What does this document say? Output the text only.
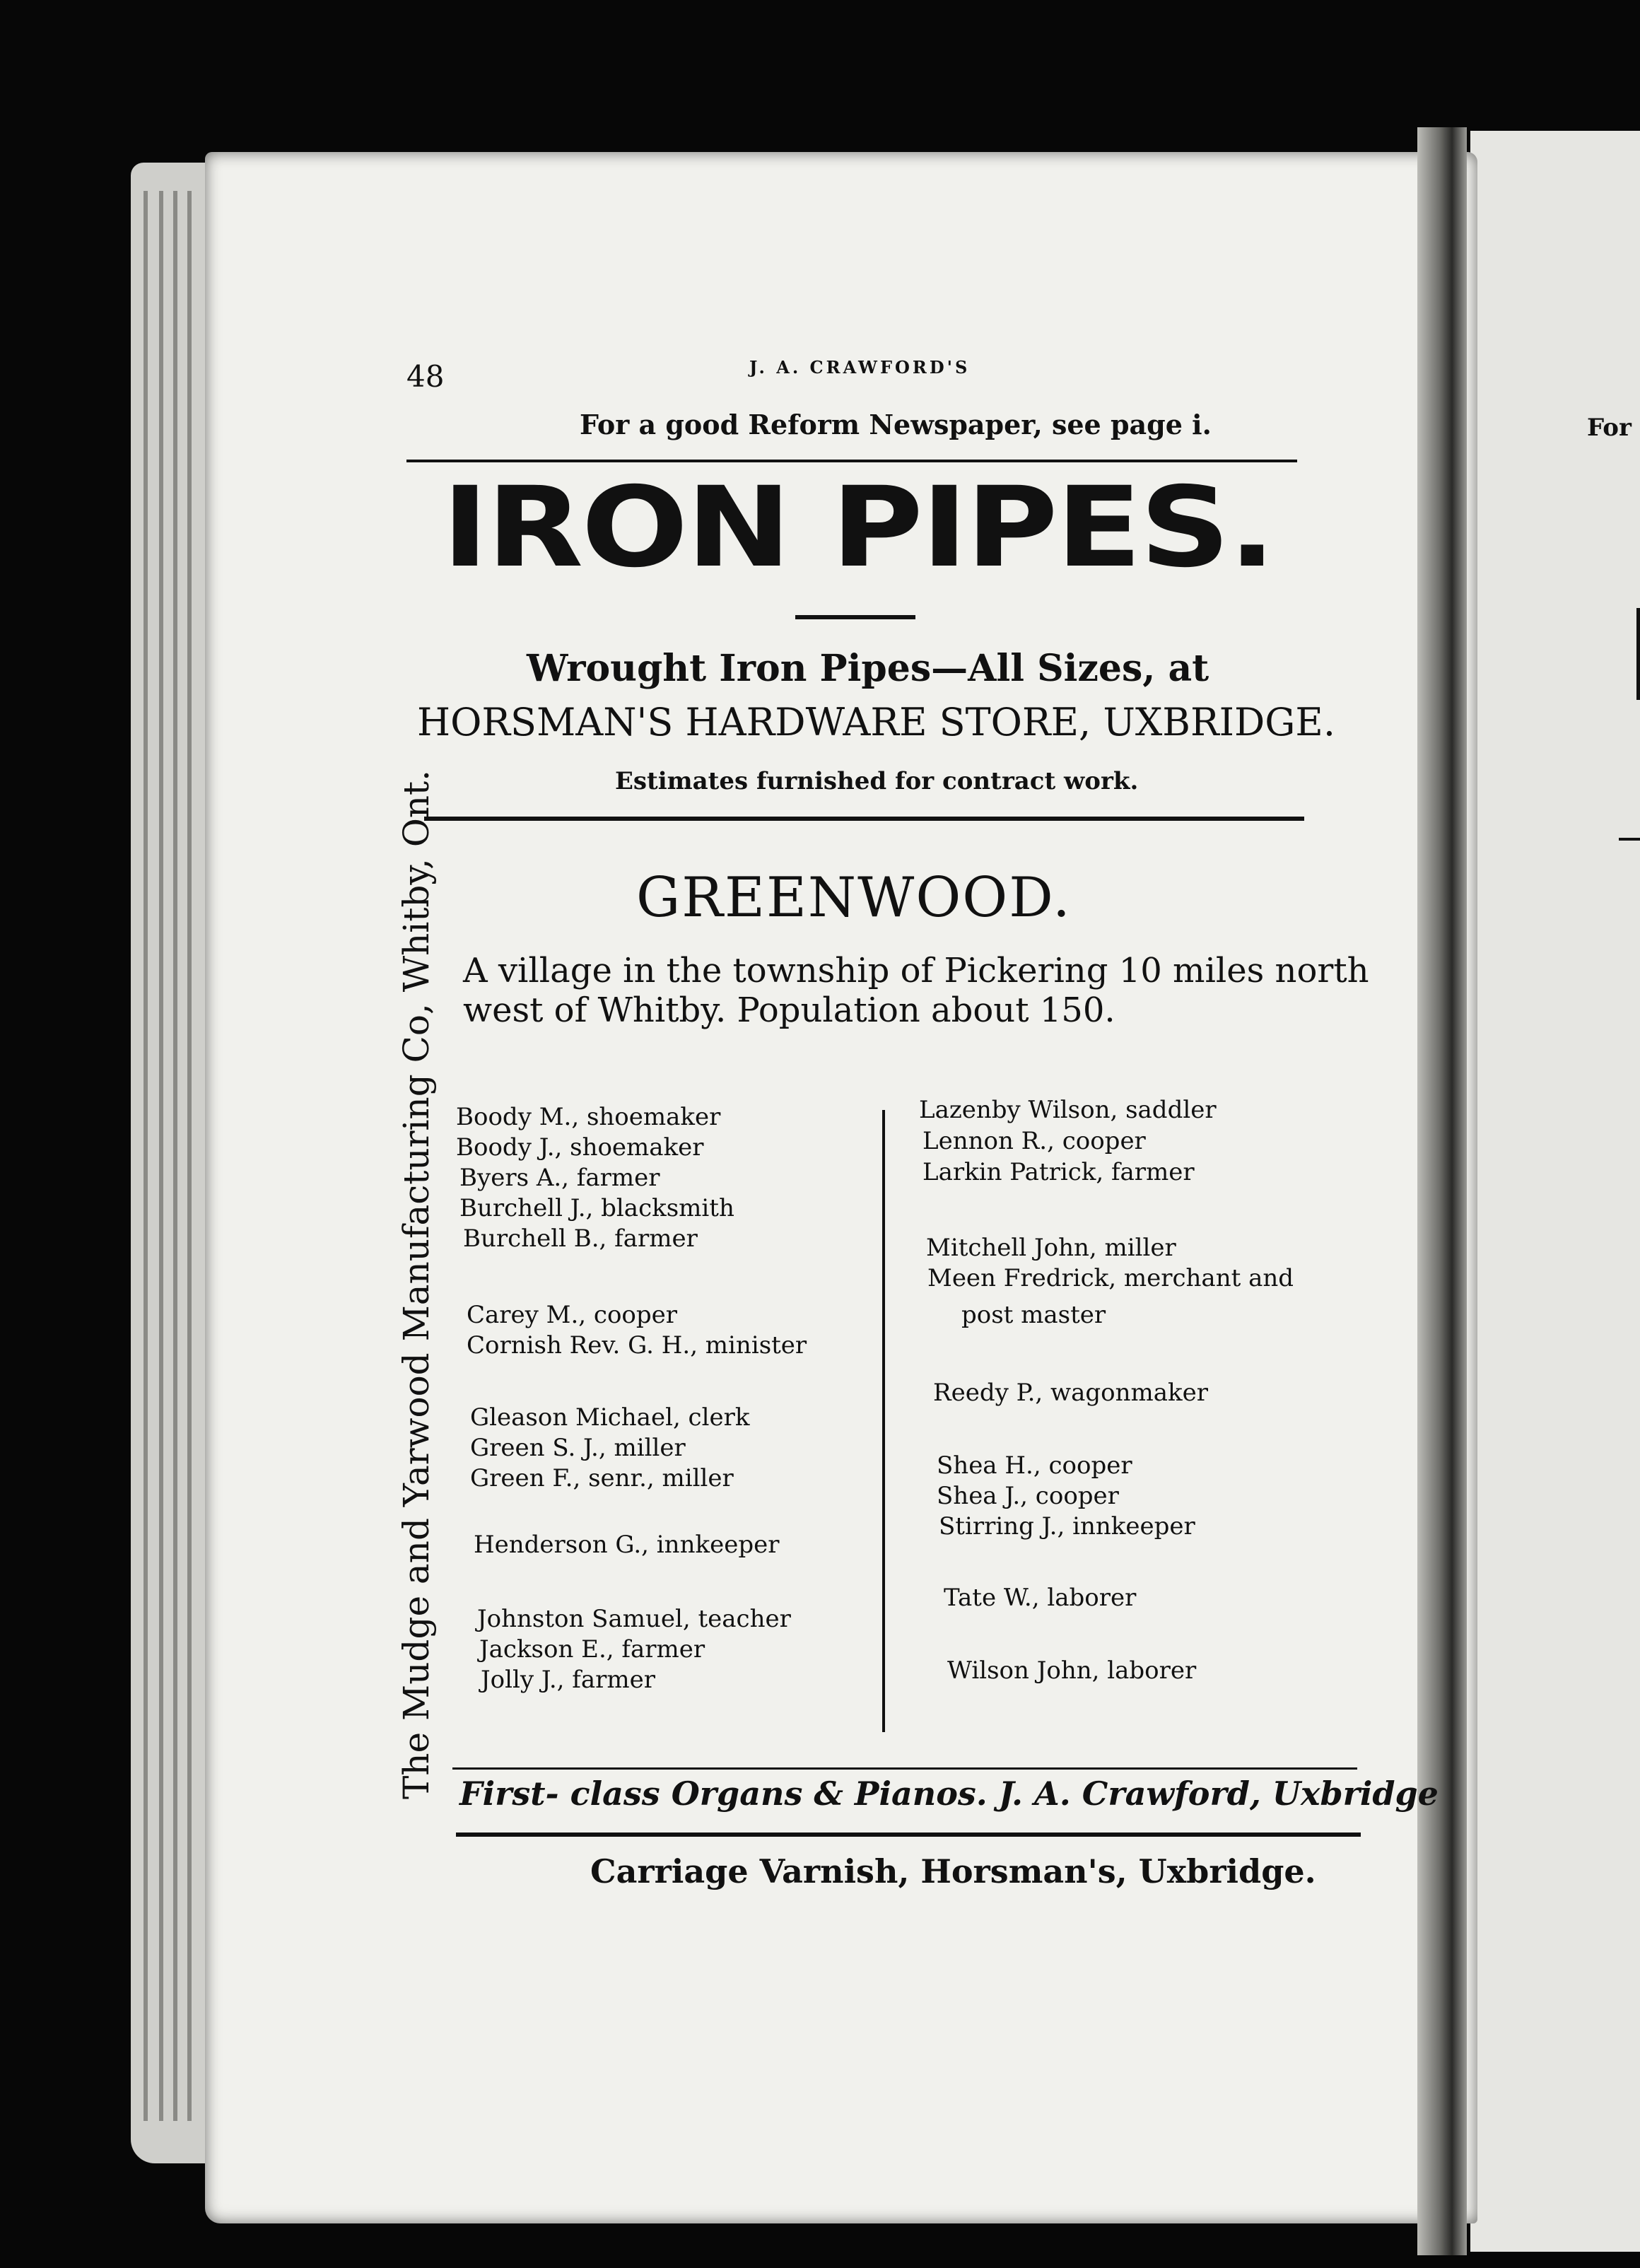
48	J. A. CRAWFORD'S
For a good Reform Newspaper, see page i.
IRON PIPES.
Wrought Iron Pipes—All Sizes, at
HORSMAN'S HARDWARE STORE, UXBRIDGE.
Estimates furnished for contract work.
GREENWOOD.
A village in the township of Pickering 10 miles north
west of Whitby. Population about 150.
Boody M., shoemaker
Boody J., shoemaker
Byers A., farmer
Burchell J., blacksmith
Burchell B., farmer
Carey M., cooper
Cornish Rev. G. H., minister
Gleason Michael, clerk
Green S. J., miller
Green F., senr., miller
Henderson G., innkeeper
Johnston Samuel, teacher
Jackson E., farmer
Jolly J., farmer
Lazenby Wilson, saddler
Lennon R., cooper
Larkin Patrick, farmer
Mitchell John, miller
Meen Fredrick, merchant and
post master
Reedy P., wagonmaker
Shea H., cooper
Shea J., cooper
Stirring J., innkeeper
Tate W., laborer
Wilson John, laborer
The Mudge and Yarwood Manufacturing Co, Whitby, Ont. First- class Organs & Pianos. J. A. Crawford, Uxbridge
Carriage Varnish, Horsman's, Uxbridge.
For
